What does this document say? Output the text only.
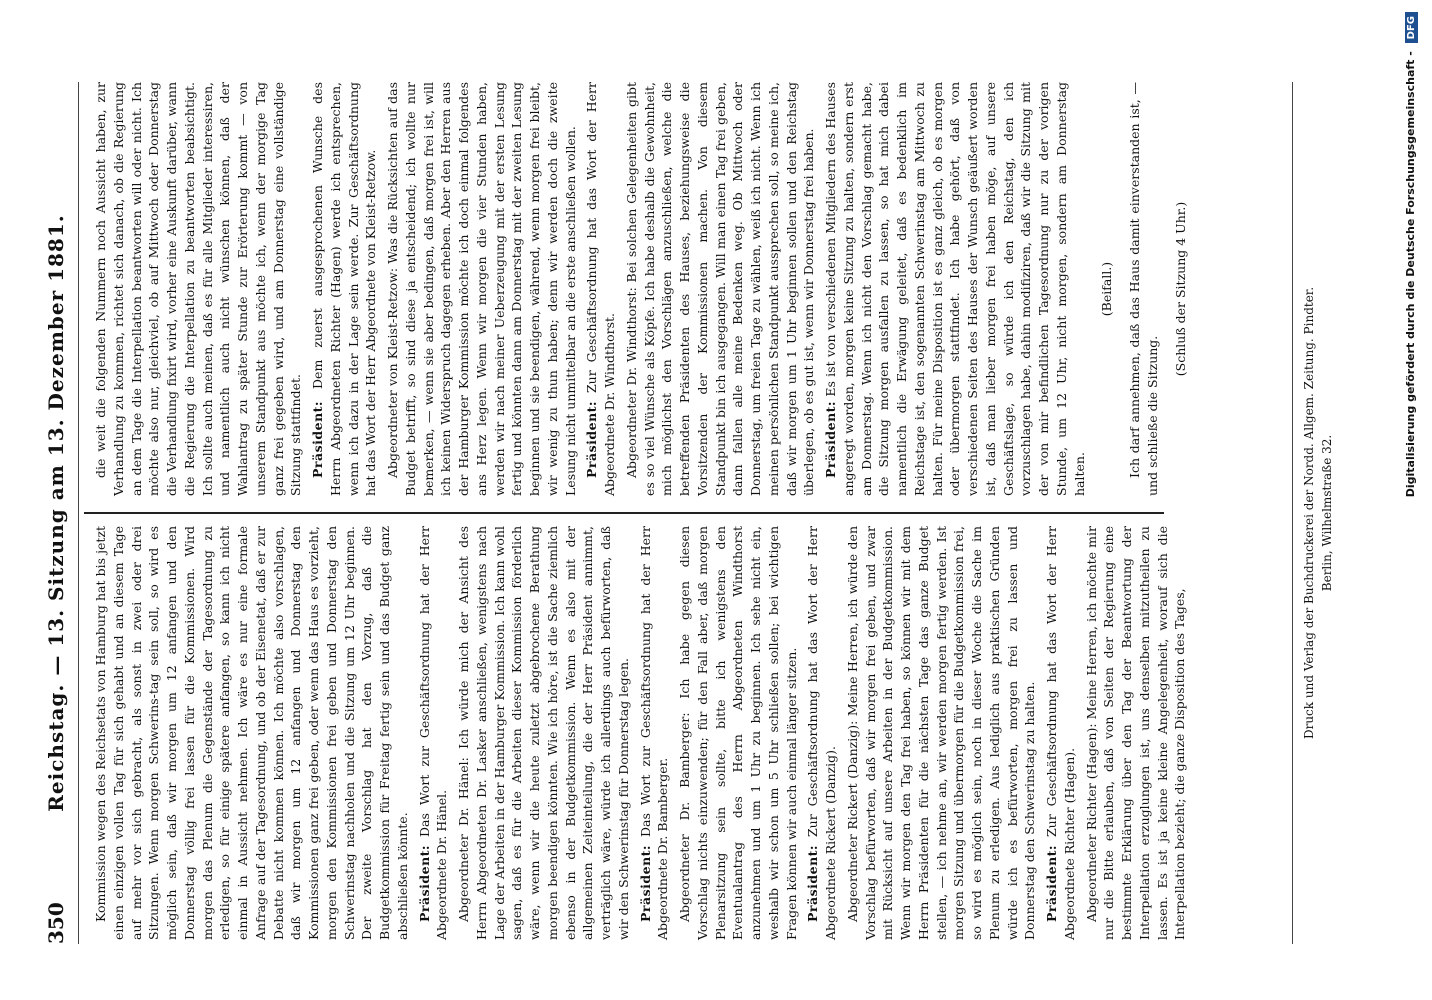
350
Reichstag. — 13. Sitzung am 13. Dezember 1881. Kommission wegen des Reichsetats von Hamburg hat bis jetzt einen einzigen vollen Tag für sich gehabt und an diesem Tage auf mehr vor sich gebracht, als sonst in zwei oder drei Sitzungen. Wenn morgen Schwerins-tag sein soll, so wird es möglich sein, daß wir morgen um 12 anfangen und den Donnerstag völlig frei lassen für die Kommissionen. Wird morgen das Plenum die Gegenstände der Tagesordnung zu erledigen, so für einige spätere anfangen, so kann ich nicht einmal in Aussicht nehmen. Ich wäre es nur eine formale Anfrage auf der Tagesordnung, und ob der Eisenetat, daß er zur Debatte nicht kommen können. Ich möchte also vorschlagen, daß wir morgen um 12 anfangen und Donnerstag den Kommissionen ganz frei geben, oder wenn das Haus es vorzieht, morgen den Kommissionen frei geben und Donnerstag den Schwerinstag nachholen und die Sitzung um 12 Uhr beginnen. Der zweite Vorschlag hat den Vorzug, daß die Budgetkommission für Freitag fertig sein und das Budget ganz abschließen könnte. Präsident: Das Wort zur Geschäftsordnung hat der Herr Abgeordnete Dr. Hänel. Abgeordneter Dr. Hänel: Ich würde mich der Ansicht des Herrn Abgeordneten Dr. Lasker anschließen, wenigstens nach Lage der Arbeiten in der Hamburger Kommission. Ich kann wohl sagen, daß es für die Arbeiten dieser Kommission förderlich wäre, wenn wir die heute zuletzt abgebrochene Berathung morgen beendigen könnten. Wie ich höre, ist die Sache ziemlich ebenso in der Budgetkommission. Wenn es also mit der allgemeinen Zeiteinteilung, die der Herr Präsident annimmt, verträglich wäre, würde ich allerdings auch befürworten, daß wir den Schwerinstag für Donnerstag legen. Präsident: Das Wort zur Geschäftsordnung hat der Herr Abgeordnete Dr. Bamberger. Abgeordneter Dr. Bamberger: Ich habe gegen diesen Vorschlag nichts einzuwenden; für den Fall aber, daß morgen Plenarsitzung sein sollte, bitte ich wenigstens den Eventualantrag des Herrn Abgeordneten Windthorst anzunehmen und um 1 Uhr zu beginnen. Ich sehe nicht ein, weshalb wir schon um 5 Uhr schließen sollen; bei wichtigen Fragen können wir auch einmal länger sitzen. Präsident: Zur Geschäftsordnung hat das Wort der Herr Abgeordnete Rickert (Danzig). Abgeordneter Rickert (Danzig): Meine Herren, ich würde den Vorschlag befürworten, daß wir morgen frei geben, und zwar mit Rücksicht auf unsere Arbeiten in der Budgetkommission. Wenn wir morgen den Tag frei haben, so können wir mit dem Herrn Präsidenten für die nächsten Tage das ganze Budget stellen, — ich nehme an, wir werden morgen fertig werden. Ist morgen Sitzung und übermorgen für die Budgetkommission frei, so wird es möglich sein, noch in dieser Woche die Sache im Plenum zu erledigen. Aus lediglich aus praktischen Gründen würde ich es befürworten, morgen frei zu lassen und Donnerstag den Schwerinstag zu halten. Präsident: Zur Geschäftsordnung hat das Wort der Herr Abgeordnete Richter (Hagen). Abgeordneter Richter (Hagen): Meine Herren, ich möchte mir nur die Bitte erlauben, daß von Seiten der Regierung eine bestimmte Erklärung über den Tag der Beantwortung der Interpellation erzuglungen ist, uns denselben mitzutheilen zu lassen. Es ist ja keine kleine Angelegenheit, worauf sich die Interpellation bezieht; die ganze Disposition des Tages,

die weit die folgenden Nummern noch Aussicht haben, zur Verhandlung zu kommen, richtet sich danach, ob die Regierung an dem Tage die Interpellation beantworten will oder nicht. Ich möchte also nur, gleichviel, ob auf Mittwoch oder Donnerstag die Verhandlung fixirt wird, vorher eine Auskunft darüber, wann die Regierung die Interpellation zu beantworten beabsichtigt. Ich sollte auch meinen, daß es für alle Mitglieder interessiren, und namentlich auch nicht wünschen können, daß der Wahlantrag zu später Stunde zur Erörterung kommt — von unserem Standpunkt aus möchte ich, wenn der morgige Tag ganz frei gegeben wird, und am Donnerstag eine vollständige Sitzung stattfindet. Präsident: Dem zuerst ausgesprochenen Wunsche des Herrn Abgeordneten Richter (Hagen) werde ich entsprechen, wenn ich dazu in der Lage sein werde. Zur Geschäftsordnung hat das Wort der Herr Abgeordnete von Kleist-Retzow. Abgeordneter von Kleist-Retzow: Was die Rücksichten auf das Budget betrifft, so sind diese ja entscheidend; ich wollte nur bemerken, — wenn sie aber bedingen, daß morgen frei ist, will ich keinen Widerspruch dagegen erheben. Aber den Herren aus der Hamburger Kommission möchte ich doch einmal folgendes ans Herz legen. Wenn wir morgen die vier Stunden haben, werden wir nach meiner Ueberzeugung mit der ersten Lesung fertig und könnten dann am Donnerstag mit der zweiten Lesung beginnen und sie beendigen, während, wenn morgen frei bleibt, wir wenig zu thun haben; denn wir werden doch die zweite Lesung nicht unmittelbar an die erste anschließen wollen. Präsident: Zur Geschäftsordnung hat das Wort der Herr Abgeordnete Dr. Windthorst. Abgeordneter Dr. Windthorst: Bei solchen Gelegenheiten gibt es so viel Wünsche als Köpfe. Ich habe deshalb die Gewohnheit, mich möglichst den Vorschlägen anzuschließen, welche die betreffenden Präsidenten des Hauses, beziehungsweise die Vorsitzenden der Kommissionen machen. Von diesem Standpunkt bin ich ausgegangen. Will man einen Tag frei geben, dann fallen alle meine Bedenken weg. Ob Mittwoch oder Donnerstag, um freien Tage zu wählen, weiß ich nicht. Wenn ich meinen persönlichen Standpunkt aussprechen soll, so meine ich, daß wir morgen um 1 Uhr beginnen sollen und den Reichstag überlegen, ob es gut ist, wenn wir Donnerstag frei haben. Präsident: Es ist von verschiedenen Mitgliedern des Hauses angeregt worden, morgen keine Sitzung zu halten, sondern erst am Donnerstag. Wenn ich nicht den Vorschlag gemacht habe, die Sitzung morgen ausfallen zu lassen, so hat mich dabei namentlich die Erwägung geleitet, daß es bedenklich im Reichstage ist, den sogenannten Schwerinstag am Mittwoch zu halten. Für meine Disposition ist es ganz gleich, ob es morgen oder übermorgen stattfindet. Ich habe gehört, daß von verschiedenen Seiten des Hauses der Wunsch geäußert worden ist, daß man lieber morgen frei haben möge, auf unsere Geschäftslage, so würde ich den Reichstag, den ich vorzuschlagen habe, dahin modifiziren, daß wir die Sitzung mit der von mir befindlichen Tagesordnung nur zu der vorigen Stunde, um 12 Uhr, nicht morgen, sondern am Donnerstag halten.

(Beifall.) Ich darf annehmen, daß das Haus damit einverstanden ist, — und schließe die Sitzung.

(Schluß der Sitzung 4 Uhr.)	Druck und Verlag der Buchdruckerei der Nordd. Allgem. Zeitung. Pindter. Berlin, Wilhelmstraße 32.
Digitalisierung gefördert durch die Deutsche Forschungsgemeinschaft - DFG
